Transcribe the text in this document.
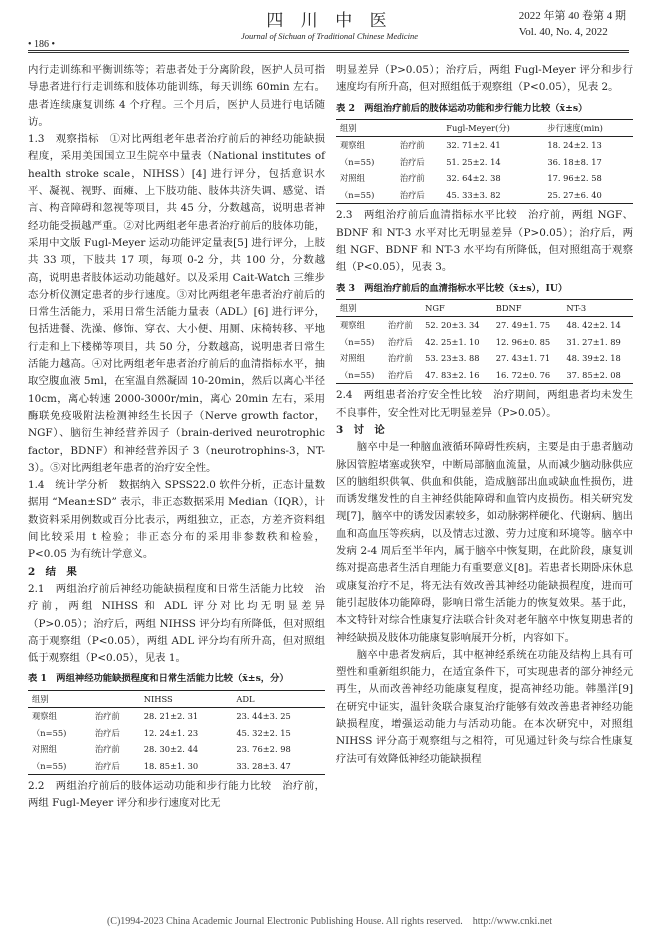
• 186 •
四 川 中 医
Journal of Sichuan of Traditional Chinese Medicine
2022 年第 40 卷第 4 期
Vol. 40, No. 4, 2022

内行走训练和平衡训练等；若患者处于分离阶段，医护人员可指导患者进行行走训练和肢体功能训练，每天训练 60min 左右。患者连续康复训练 4 个疗程。三个月后，医护人员进行电话随访。

1.3　观察指标　①对比两组老年患者治疗前后的神经功能缺损程度，采用美国国立卫生院卒中量表（National institutes of health stroke scale，NIHSS）[4] 进行评分，包括意识水平、凝视、视野、面瘫、上下肢功能、肢体共济失调、感觉、语言、构音障碍和忽视等项目，共 45 分，分数越高，说明患者神经功能受损越严重。②对比两组老年患者治疗前后的肢体功能，采用中文版 Fugl-Meyer 运动功能评定量表[5] 进行评分，上肢共 33 项，下肢共 17 项，每项 0-2 分，共 100 分，分数越高，说明患者肢体运动功能越好。以及采用 Cait-Watch 三维步态分析仪测定患者的步行速度。③对比两组老年患者治疗前后的日常生活能力，采用日常生活能力量表（ADL）[6] 进行评分，包括进餐、洗澡、修饰、穿衣、大小便、用厕、床椅转移、平地行走和上下楼梯等项目，共 50 分，分数越高，说明患者日常生活能力越高。④对比两组老年患者治疗前后的血清指标水平，抽取空腹血液 5ml，在室温自然凝固 10-20min，然后以离心半径 10cm，离心转速 2000-3000r/min，离心 20min 左右，采用酶联免疫吸附法检测神经生长因子（Nerve growth factor，NGF）、脑衍生神经营养因子（brain-derived neurotrophic factor，BDNF）和神经营养因子 3（neurotrophins-3，NT-3）。⑤对比两组老年患者的治疗安全性。

1.4　统计学分析　数据纳入 SPSS22.0 软件分析，正态计量数据用 “Mean±SD” 表示，非正态数据采用 Median（IQR），计数资料采用例数或百分比表示，两组独立，正态，方差齐资料组间比较采用 t 检验；非正态分布的采用非参数秩和检验，P<0.05 为有统计学意义。

2　结　果

2.1　两组治疗前后神经功能缺损程度和日常生活能力比较　治疗前，两组 NIHSS 和 ADL 评分对比均无明显差异（P>0.05）；治疗后，两组 NIHSS 评分均有所降低，但对照组高于观察组（P<0.05），两组 ADL 评分均有所升高，但对照组低于观察组（P<0.05），见表 1。

表 1　两组神经功能缺损程度和日常生活能力比较（x̄±s，分）
组别		NIHSS	ADL
观察组	治疗前	28. 21±2. 31	23. 44±3. 25
（n=55)	治疗后	12. 24±1. 23	45. 32±2. 15
对照组	治疗前	28. 30±2. 44	23. 76±2. 98
（n=55)	治疗后	18. 85±1. 30	33. 28±3. 47

2.2　两组治疗前后的肢体运动功能和步行能力比较　治疗前，两组 Fugl-Meyer 评分和步行速度对比无

明显差异（P>0.05）；治疗后，两组 Fugl-Meyer 评分和步行速度均有所升高，但对照组低于观察组（P<0.05），见表 2。

表 2　两组治疗前后的肢体运动功能和步行能力比较（x̄±s）
组别		Fugl-Meyer(分)	步行速度(min)
观察组	治疗前	32. 71±2. 41	18. 24±2. 13
（n=55)	治疗后	51. 25±2. 14	36. 18±8. 17
对照组	治疗前	32. 64±2. 38	17. 96±2. 58
（n=55)	治疗后	45. 33±3. 82	25. 27±6. 40

2.3　两组治疗前后血清指标水平比较　治疗前，两组 NGF、BDNF 和 NT-3 水平对比无明显差异（P>0.05）；治疗后，两组 NGF、BDNF 和 NT-3 水平均有所降低，但对照组高于观察组（P<0.05），见表 3。

表 3　两组治疗前后的血清指标水平比较（x̄±s），IU）
组别		NGF	BDNF	NT-3
观察组	治疗前	52. 20±3. 34	27. 49±1. 75	48. 42±2. 14
（n=55)	治疗后	42. 25±1. 10	12. 96±0. 85	31. 27±1. 89
对照组	治疗前	53. 23±3. 88	27. 43±1. 71	48. 39±2. 18
（n=55)	治疗后	47. 83±2. 16	16. 72±0. 76	37. 85±2. 08

2.4　两组患者治疗安全性比较　治疗期间，两组患者均未发生不良事件，安全性对比无明显差异（P>0.05）。

3　讨　论

脑卒中是一种脑血液循环障碍性疾病，主要是由于患者脑动脉因管腔堵塞或狭窄，中断局部脑血流量，从而减少脑动脉供应区的脑组织供氧、供血和供能，造成脑部出血或缺血性损伤，进而诱发继发性的自主神经供能障碍和血管内皮损伤。相关研究发现[7]，脑卒中的诱发因素较多，如动脉粥样硬化、代谢病、脑出血和高血压等疾病，以及情志过激、劳力过度和环境等。脑卒中发病 2-4 周后至半年内，属于脑卒中恢复期，在此阶段，康复训练对提高患者生活自理能力有重要意义[8]。若患者长期卧床休息或康复治疗不足，将无法有效改善其神经功能缺损程度，进而可能引起肢体功能障碍，影响日常生活能力的恢复效果。基于此，本文特针对综合性康复疗法联合针灸对老年脑卒中恢复期患者的神经缺损及肢体功能康复影响展开分析，内容如下。

脑卒中患者发病后，其中枢神经系统在功能及结构上具有可塑性和重新组织能力，在适宜条件下，可实现患者的部分神经元再生，从而改善神经功能康复程度，提高神经功能。韩墨洋[9] 在研究中证实，温针灸联合康复治疗能够有效改善患者神经功能缺损程度，增强运动能力与活动功能。在本次研究中，对照组 NIHSS 评分高于观察组与之相符，可见通过针灸与综合性康复疗法可有效降低神经功能缺损程

(C)1994-2023 China Academic Journal Electronic Publishing House. All rights reserved.　http://www.cnki.net
